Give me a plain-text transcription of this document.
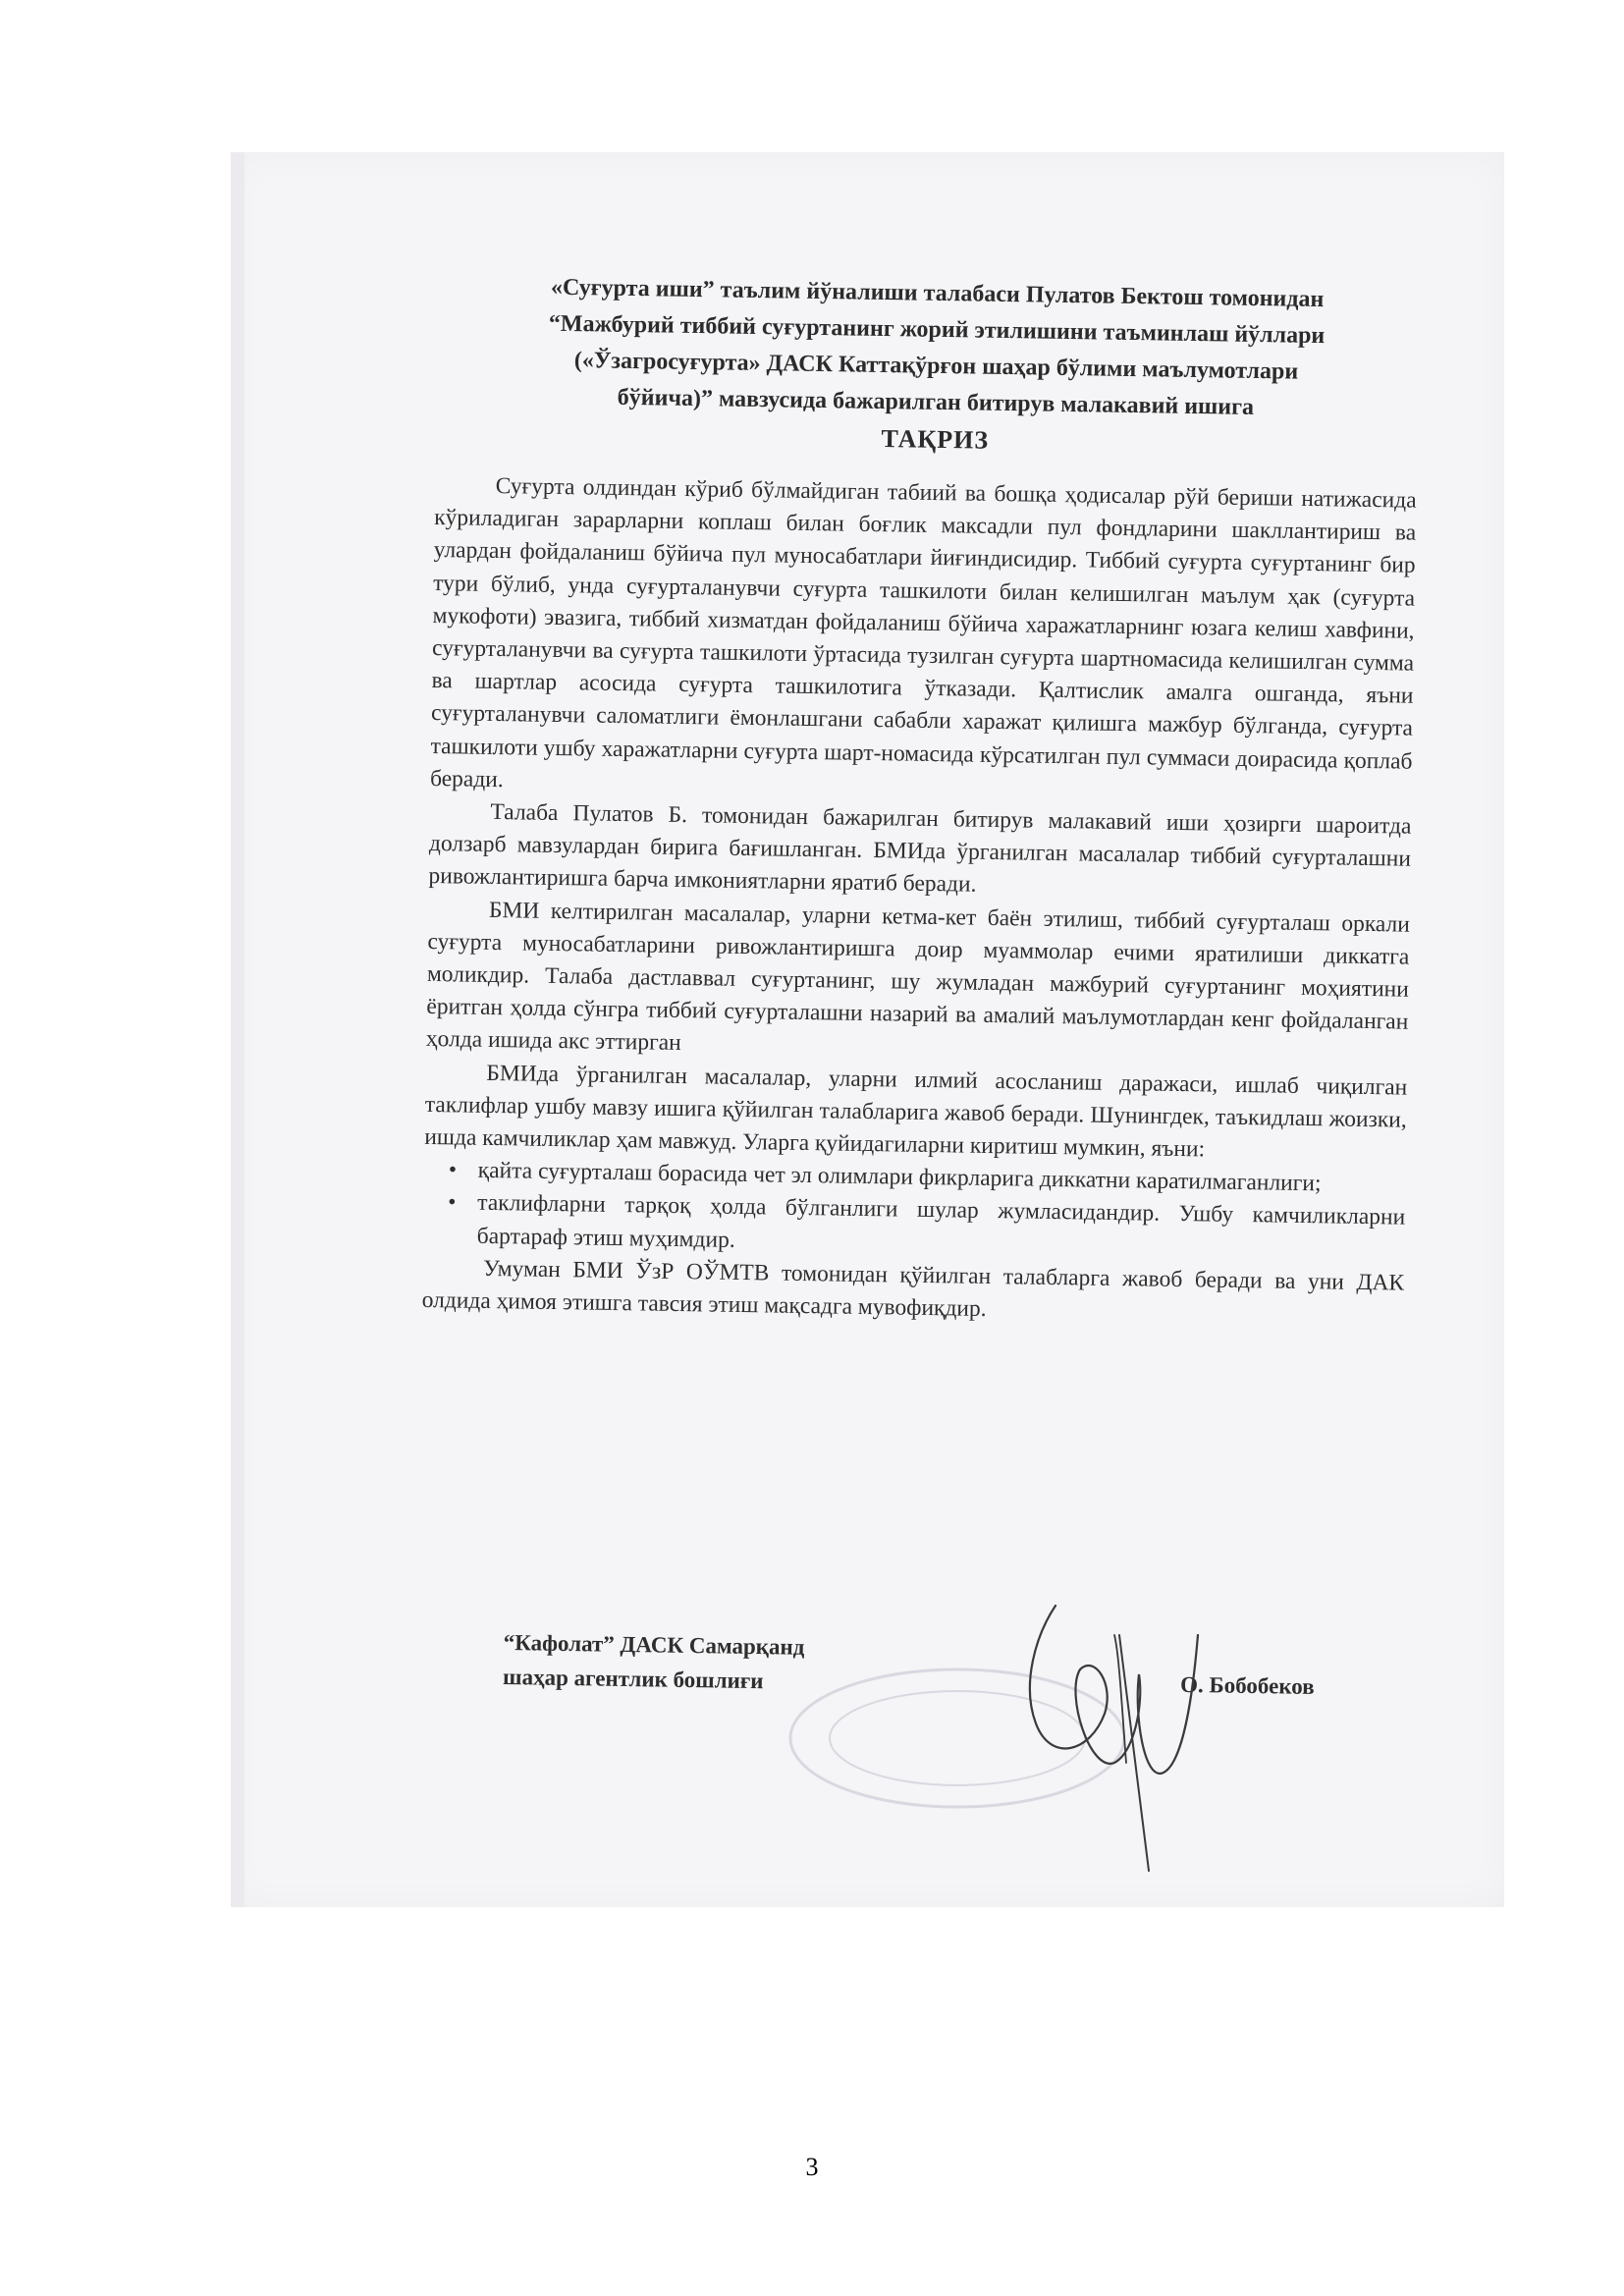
«Суғурта иши” таълим йўналиши талабаси Пулатов Бектош томонидан
“Мажбурий тиббий суғуртанинг жорий этилишини таъминлаш йўллари
(«Ўзагросуғурта» ДАСК Каттақўрғон шаҳар бўлими маълумотлари
бўйича)” мавзусида бажарилган битирув малакавий ишига
ТАҚРИЗ

Суғурта олдиндан кўриб бўлмайдиган табиий ва бошқа ҳодисалар рўй бериши натижасида кўриладиган зарарларни коплаш билан боғлик максадли пул фондларини шакллантириш ва улардан фойдаланиш бўйича пул муносабатлари йиғиндисидир. Тиббий суғурта суғуртанинг бир тури бўлиб, унда суғурталанувчи суғурта ташкилоти билан келишилган маълум ҳак (суғурта мукофоти) эвазига, тиббий хизматдан фойдаланиш бўйича харажатларнинг юзага келиш хавфини, суғурталанувчи ва суғурта ташкилоти ўртасида тузилган суғурта шартномасида келишилган сумма ва шартлар асосида суғурта ташкилотига ўтказади. Қалтислик амалга ошганда, яъни суғурталанувчи саломатлиги ёмонлашгани сабабли харажат қилишга мажбур бўлганда, суғурта ташкилоти ушбу харажатларни суғурта шарт-номасида кўрсатилган пул суммаси доирасида қоплаб беради.

Талаба Пулатов Б. томонидан бажарилган битирув малакавий иши ҳозирги шароитда долзарб мавзулардан бирига бағишланган. БМИда ўрганилган масалалар тиббий суғурталашни ривожлантиришга барча имкониятларни яратиб беради.

БМИ келтирилган масалалар, уларни кетма-кет баён этилиш, тиббий суғурталаш оркали суғурта муносабатларини ривожлантиришга доир муаммолар ечими яратилиши диккатга моликдир. Талаба дастлаввал суғуртанинг, шу жумладан мажбурий суғуртанинг моҳиятини ёритган ҳолда сўнгра тиббий суғурталашни назарий ва амалий маълумотлардан кенг фойдаланган ҳолда ишида акс эттирган

БМИда ўрганилган масалалар, уларни илмий асосланиш даражаси, ишлаб чиқилган таклифлар ушбу мавзу ишига қўйилган талабларига жавоб беради. Шунингдек, таъкидлаш жоизки, ишда камчиликлар ҳам мавжуд. Уларга қуйидагиларни киритиш мумкин, яъни:

• қайта суғурталаш борасида чет эл олимлари фикрларига диккатни каратилмаганлиги;
• таклифларни тарқоқ ҳолда бўлганлиги шулар жумласидандир. Ушбу камчиликларни бартараф этиш муҳимдир.

Умуман БМИ ЎзР ОЎМТВ томонидан қўйилган талабларга жавоб беради ва уни ДАК олдида ҳимоя этишга тавсия этиш мақсадга мувофиқдир.

“Кафолат” ДАСК Самарқанд
шаҳар агентлик бошлиғи	О. Бобобеков
3
